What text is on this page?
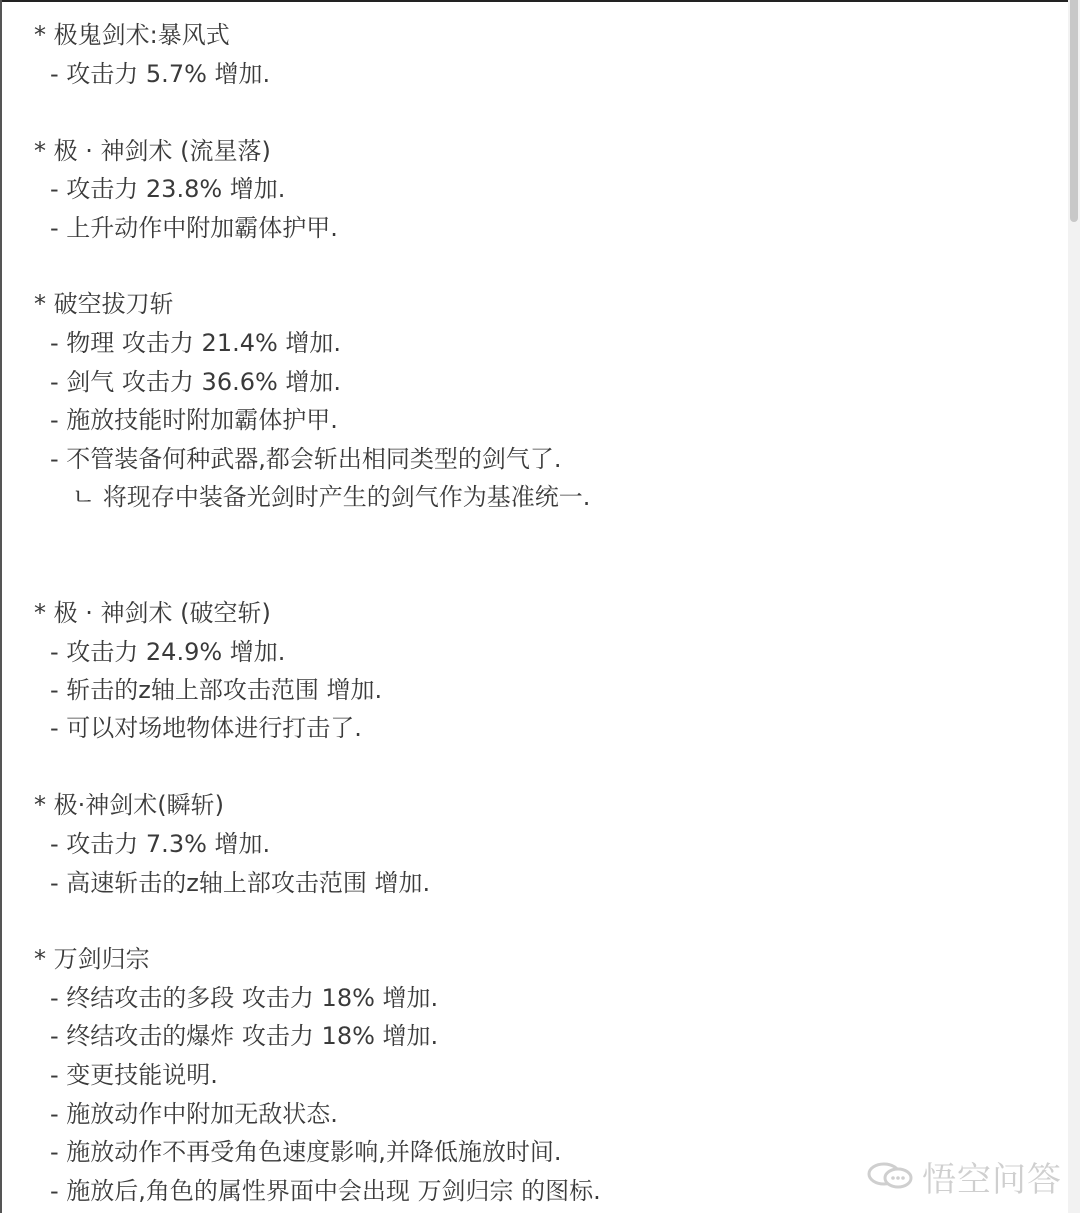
* 极鬼剑术:暴风式
- 攻击力 5.7% 增加.
* 极 · 神剑术 (流星落)
- 攻击力 23.8% 增加.
- 上升动作中附加霸体护甲.
* 破空拔刀斩
- 物理 攻击力 21.4% 增加.
- 剑气 攻击力 36.6% 增加.
- 施放技能时附加霸体护甲.
- 不管装备何种武器,都会斩出相同类型的剑气了.
ㄴ 将现存中装备光剑时产生的剑气作为基准统一.
* 极 · 神剑术 (破空斩)
- 攻击力 24.9% 增加.
- 斩击的z轴上部攻击范围 增加.
- 可以对场地物体进行打击了.
* 极·神剑术(瞬斩)
- 攻击力 7.3% 增加.
- 高速斩击的z轴上部攻击范围 增加.
* 万剑归宗
- 终结攻击的多段 攻击力 18% 增加.
- 终结攻击的爆炸 攻击力 18% 增加.
- 变更技能说明.
- 施放动作中附加无敌状态.
- 施放动作不再受角色速度影响,并降低施放时间.
- 施放后,角色的属性界面中会出现 万剑归宗 的图标.	悟空问答
